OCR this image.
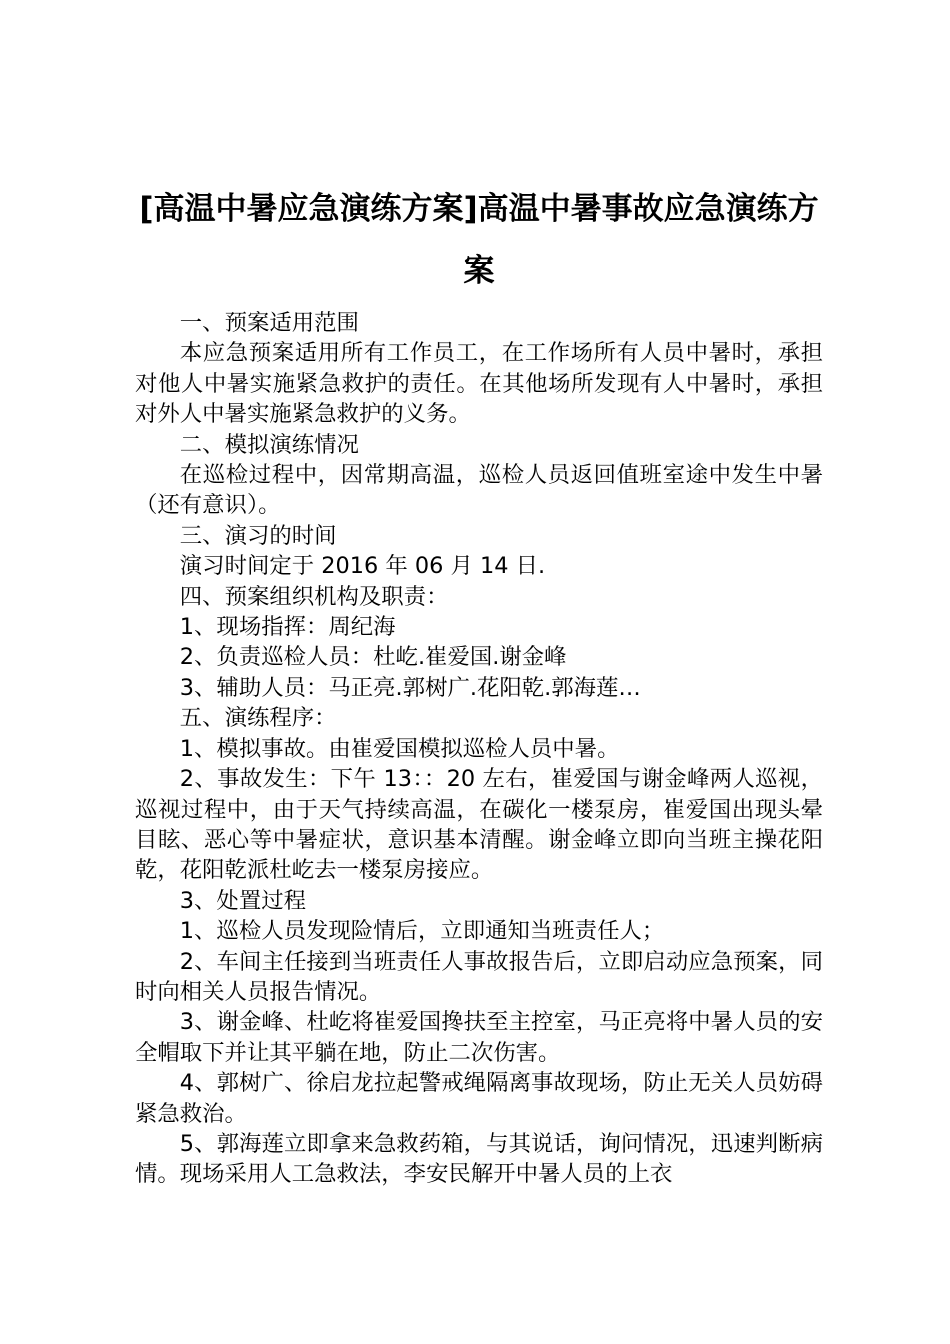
[高温中暑应急演练方案]高温中暑事故应急演练方案

一、预案适用范围

本应急预案适用所有工作员工，在工作场所有人员中暑时，承担对他人中暑实施紧急救护的责任。在其他场所发现有人中暑时，承担对外人中暑实施紧急救护的义务。

二、模拟演练情况

在巡检过程中，因常期高温，巡检人员返回值班室途中发生中暑（还有意识）。

三、演习的时间

演习时间定于 2016 年 06 月 14 日.

四、预案组织机构及职责：

1、现场指挥：周纪海

2、负责巡检人员：杜屹.崔爱国.谢金峰

3、辅助人员：马正亮.郭树广.花阳乾.郭海莲…

五、演练程序：

1、模拟事故。由崔爱国模拟巡检人员中暑。

2、事故发生：下午 13：：20 左右，崔爱国与谢金峰两人巡视，巡视过程中，由于天气持续高温，在碳化一楼泵房，崔爱国出现头晕目眩、恶心等中暑症状，意识基本清醒。谢金峰立即向当班主操花阳乾，花阳乾派杜屹去一楼泵房接应。

3、处置过程

1、巡检人员发现险情后，立即通知当班责任人；

2、车间主任接到当班责任人事故报告后，立即启动应急预案，同时向相关人员报告情况。

3、谢金峰、杜屹将崔爱国搀扶至主控室，马正亮将中暑人员的安全帽取下并让其平躺在地，防止二次伤害。

4、郭树广、徐启龙拉起警戒绳隔离事故现场，防止无关人员妨碍紧急救治。

5、郭海莲立即拿来急救药箱，与其说话，询问情况，迅速判断病情。现场采用人工急救法，李安民解开中暑人员的上衣
